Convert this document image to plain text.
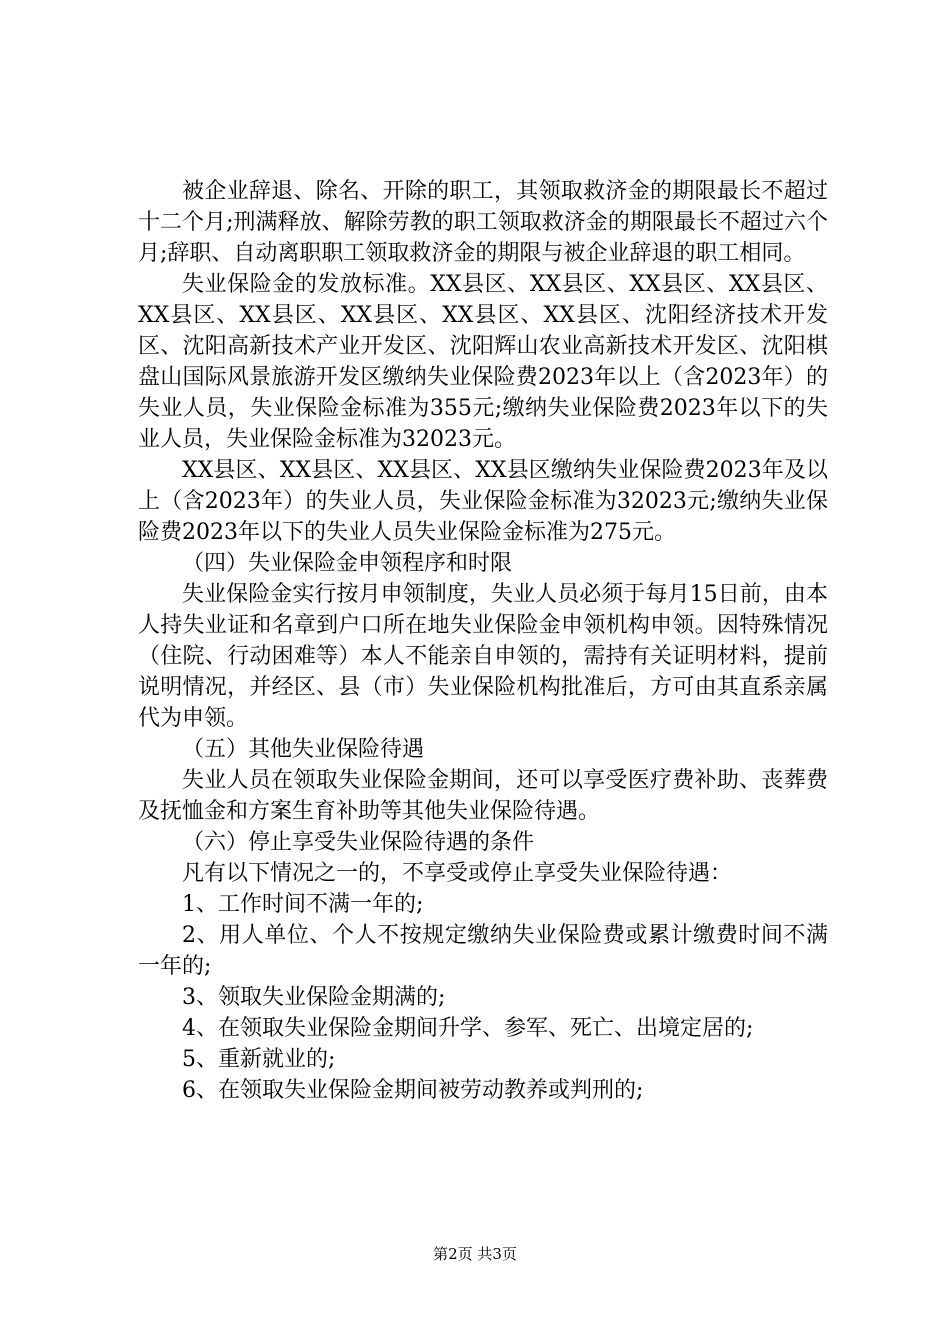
被企业辞退、除名、开除的职工，其领取救济金的期限最长不超过十二个月;刑满释放、解除劳教的职工领取救济金的期限最长不超过六个月;辞职、自动离职职工领取救济金的期限与被企业辞退的职工相同。

失业保险金的发放标准。XX县区、XX县区、XX县区、XX县区、XX县区、XX县区、XX县区、XX县区、XX县区、沈阳经济技术开发区、沈阳高新技术产业开发区、沈阳辉山农业高新技术开发区、沈阳棋盘山国际风景旅游开发区缴纳失业保险费2023年以上（含2023年）的失业人员，失业保险金标准为355元;缴纳失业保险费2023年以下的失业人员，失业保险金标准为32023元。

XX县区、XX县区、XX县区、XX县区缴纳失业保险费2023年及以上（含2023年）的失业人员，失业保险金标准为32023元;缴纳失业保险费2023年以下的失业人员失业保险金标准为275元。

（四）失业保险金申领程序和时限

失业保险金实行按月申领制度，失业人员必须于每月15日前，由本人持失业证和名章到户口所在地失业保险金申领机构申领。因特殊情况（住院、行动困难等）本人不能亲自申领的，需持有关证明材料，提前说明情况，并经区、县（市）失业保险机构批准后，方可由其直系亲属代为申领。

（五）其他失业保险待遇

失业人员在领取失业保险金期间，还可以享受医疗费补助、丧葬费及抚恤金和方案生育补助等其他失业保险待遇。

（六）停止享受失业保险待遇的条件

凡有以下情况之一的，不享受或停止享受失业保险待遇：

1、工作时间不满一年的;

2、用人单位、个人不按规定缴纳失业保险费或累计缴费时间不满一年的;

3、领取失业保险金期满的;

4、在领取失业保险金期间升学、参军、死亡、出境定居的;

5、重新就业的;

6、在领取失业保险金期间被劳动教养或判刑的;

第2页 共3页
